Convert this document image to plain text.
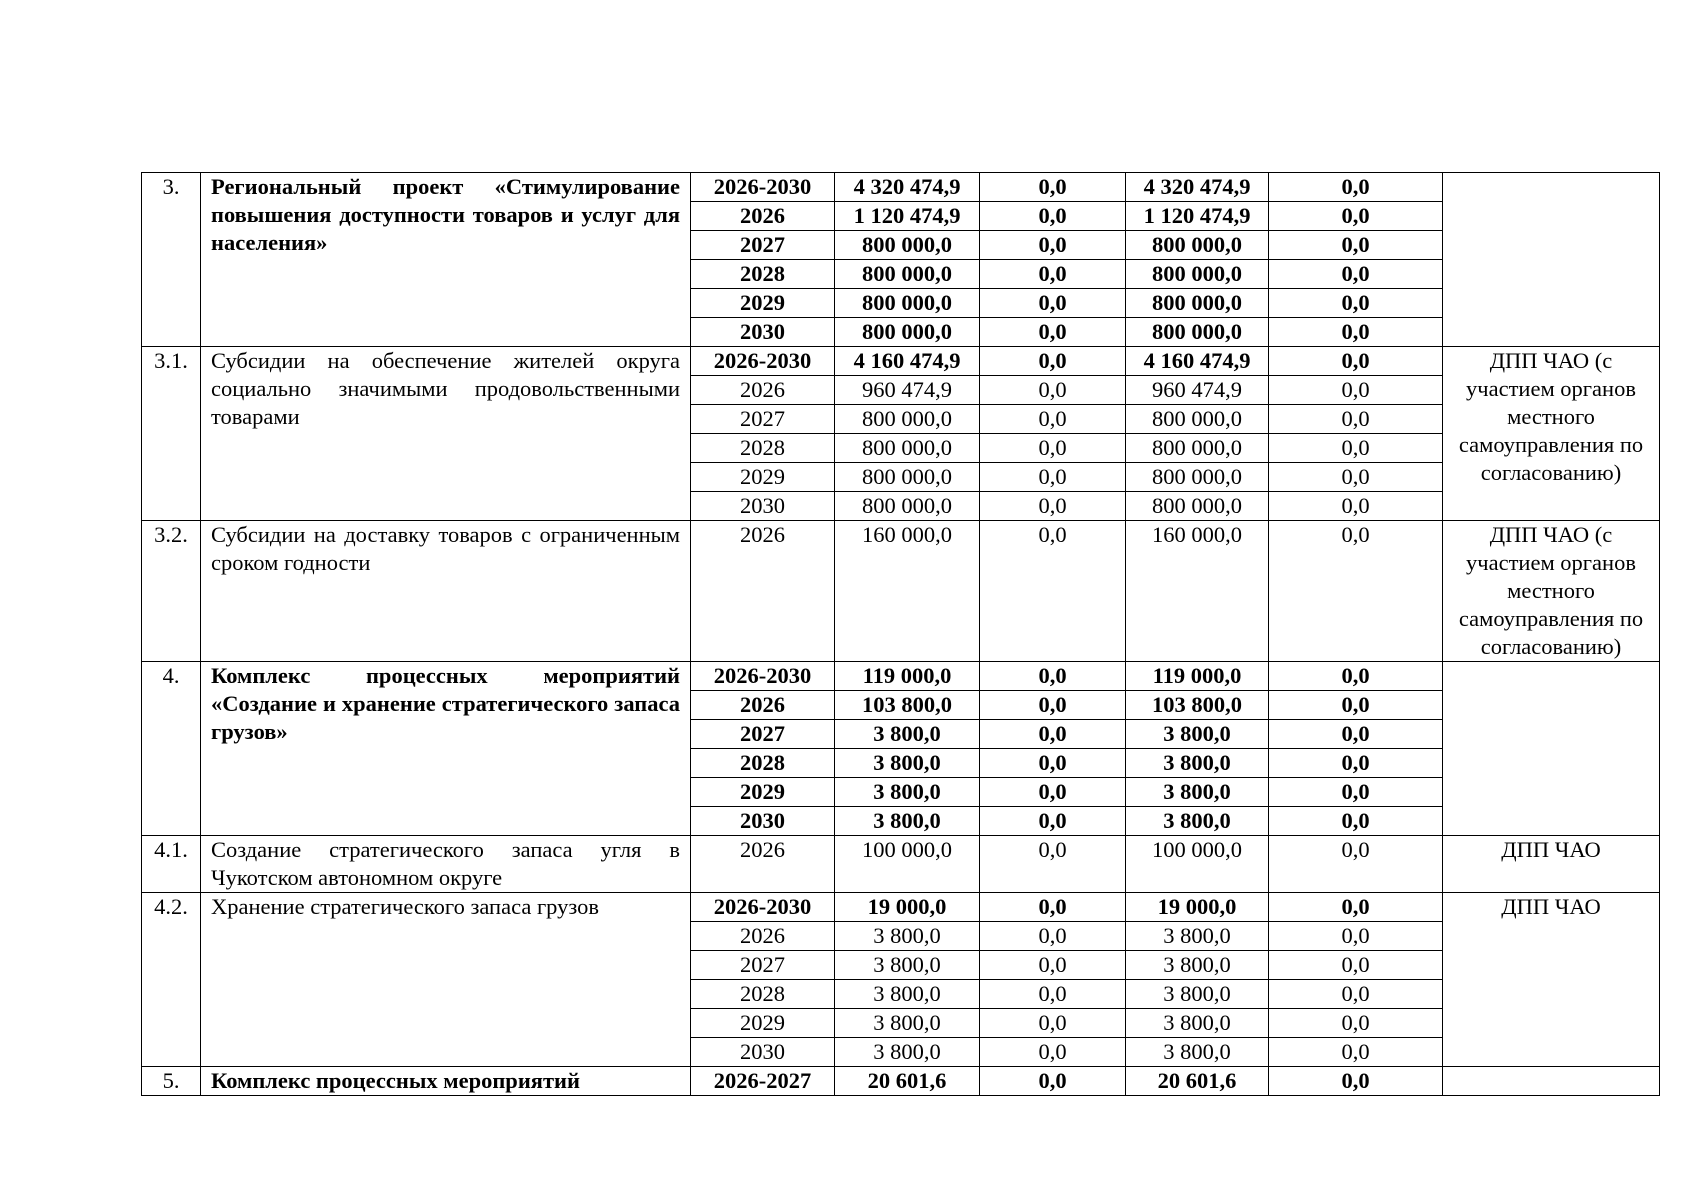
3.	Региональный проект «Стимулирование повышения доступности товаров и услуг для населения»	2026-2030	4 320 474,9	0,0	4 320 474,9	0,0	
		2026	1 120 474,9	0,0	1 120 474,9	0,0	
		2027	800 000,0	0,0	800 000,0	0,0	
		2028	800 000,0	0,0	800 000,0	0,0	
		2029	800 000,0	0,0	800 000,0	0,0	
		2030	800 000,0	0,0	800 000,0	0,0	
3.1.	Субсидии на обеспечение жителей округа социально значимыми продовольственными товарами	2026-2030	4 160 474,9	0,0	4 160 474,9	0,0	ДПП ЧАО (с участием органов местного самоуправления по согласованию)
		2026	960 474,9	0,0	960 474,9	0,0	
		2027	800 000,0	0,0	800 000,0	0,0	
		2028	800 000,0	0,0	800 000,0	0,0	
		2029	800 000,0	0,0	800 000,0	0,0	
		2030	800 000,0	0,0	800 000,0	0,0	
3.2.	Субсидии на доставку товаров с ограниченным сроком годности	2026	160 000,0	0,0	160 000,0	0,0	ДПП ЧАО (с участием органов местного самоуправления по согласованию)
4.	Комплекс процессных мероприятий «Создание и хранение стратегического запаса грузов»	2026-2030	119 000,0	0,0	119 000,0	0,0	
		2026	103 800,0	0,0	103 800,0	0,0	
		2027	3 800,0	0,0	3 800,0	0,0	
		2028	3 800,0	0,0	3 800,0	0,0	
		2029	3 800,0	0,0	3 800,0	0,0	
		2030	3 800,0	0,0	3 800,0	0,0	
4.1.	Создание стратегического запаса угля в Чукотском автономном округе	2026	100 000,0	0,0	100 000,0	0,0	ДПП ЧАО
4.2.	Хранение стратегического запаса грузов	2026-2030	19 000,0	0,0	19 000,0	0,0	ДПП ЧАО
		2026	3 800,0	0,0	3 800,0	0,0	
		2027	3 800,0	0,0	3 800,0	0,0	
		2028	3 800,0	0,0	3 800,0	0,0	
		2029	3 800,0	0,0	3 800,0	0,0	
		2030	3 800,0	0,0	3 800,0	0,0	
5.	Комплекс процессных мероприятий	2026-2027	20 601,6	0,0	20 601,6	0,0	
